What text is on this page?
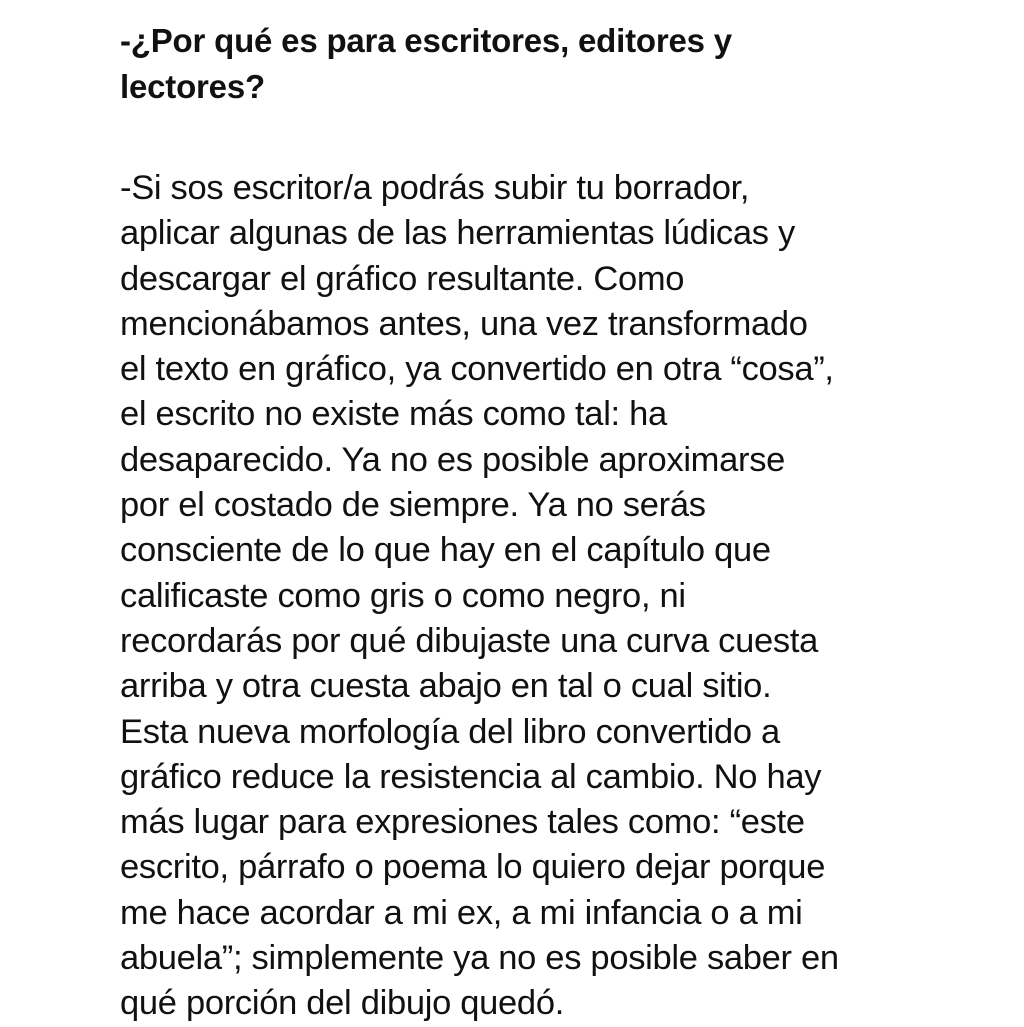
-¿Por qué es para escritores, editores y lectores?
-Si sos escritor/a podrás subir tu borrador,
aplicar algunas de las herramientas lúdicas y
descargar el gráfico resultante. Como
mencionábamos antes, una vez transformado
el texto en gráfico, ya convertido en otra “cosa”,
el escrito no existe más como tal: ha
desaparecido. Ya no es posible aproximarse
por el costado de siempre. Ya no serás
consciente de lo que hay en el capítulo que
calificaste como gris o como negro, ni
recordarás por qué dibujaste una curva cuesta
arriba y otra cuesta abajo en tal o cual sitio.
Esta nueva morfología del libro convertido a
gráfico reduce la resistencia al cambio. No hay
más lugar para expresiones tales como: “este
escrito, párrafo o poema lo quiero dejar porque
me hace acordar a mi ex, a mi infancia o a mi
abuela”; simplemente ya no es posible saber en
qué porción del dibujo quedó.
